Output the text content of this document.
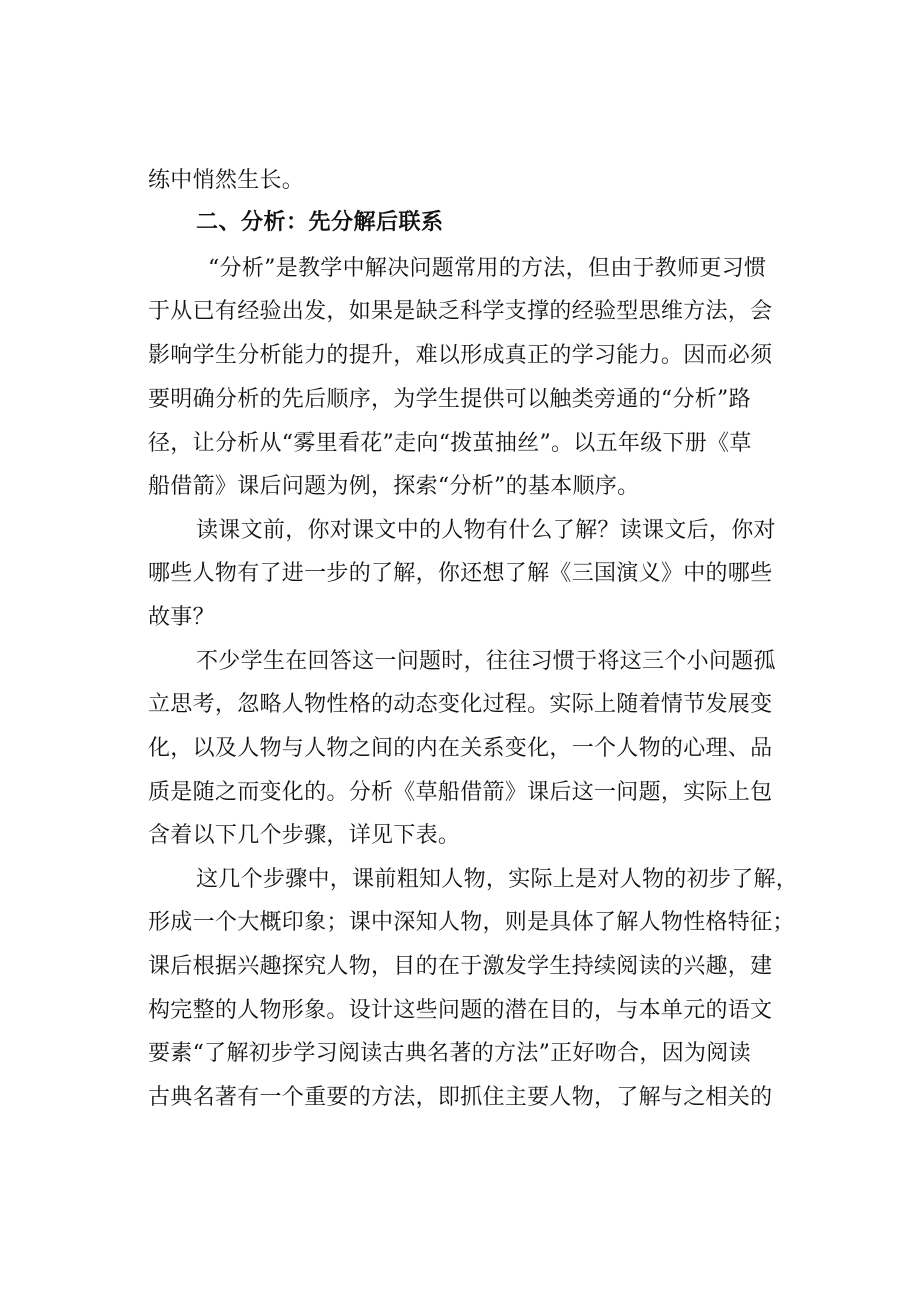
练中悄然生长。
二、分析：先分解后联系
“分析”是教学中解决问题常用的方法，但由于教师更习惯
于从已有经验出发，如果是缺乏科学支撑的经验型思维方法，会
影响学生分析能力的提升，难以形成真正的学习能力。因而必须
要明确分析的先后顺序，为学生提供可以触类旁通的“分析”路
径，让分析从“雾里看花”走向“拨茧抽丝”。以五年级下册《草
船借箭》课后问题为例，探索“分析”的基本顺序。
读课文前，你对课文中的人物有什么了解？读课文后，你对
哪些人物有了进一步的了解，你还想了解《三国演义》中的哪些
故事？
不少学生在回答这一问题时，往往习惯于将这三个小问题孤
立思考，忽略人物性格的动态变化过程。实际上随着情节发展变
化，以及人物与人物之间的内在关系变化，一个人物的心理、品
质是随之而变化的。分析《草船借箭》课后这一问题，实际上包
含着以下几个步骤，详见下表。
这几个步骤中，课前粗知人物，实际上是对人物的初步了解，
形成一个大概印象；课中深知人物，则是具体了解人物性格特征；
课后根据兴趣探究人物，目的在于激发学生持续阅读的兴趣，建
构完整的人物形象。设计这些问题的潜在目的，与本单元的语文
要素“了解初步学习阅读古典名著的方法”正好吻合，因为阅读
古典名著有一个重要的方法，即抓住主要人物，了解与之相关的
